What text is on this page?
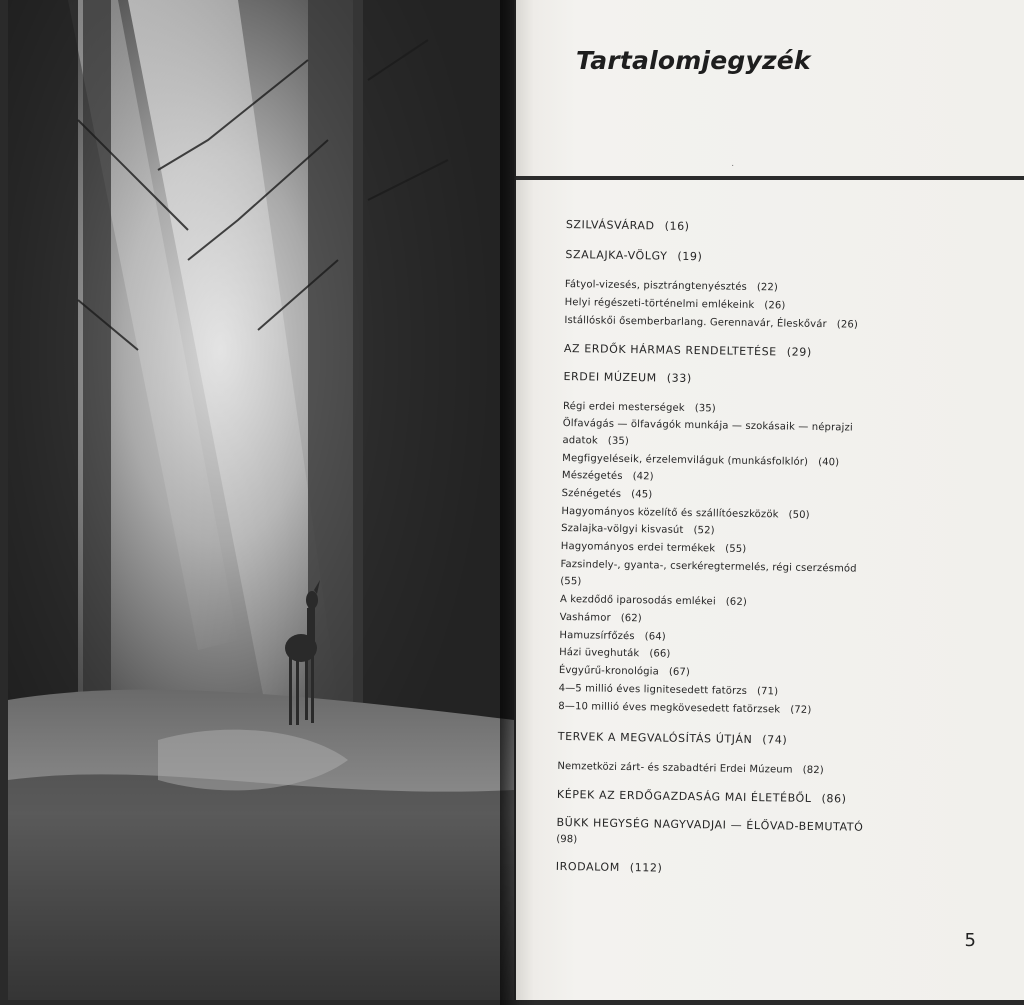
Tartalomjegyzék
·
SZILVÁSVÁRAD (16)
SZALAJKA-VÖLGY (19)
Fátyol-vizesés, pisztrángtenyésztés (22)
Helyi régészeti-történelmi emlékeink (26)
Istállóskői ősemberbarlang. Gerennavár, Éleskővár (26)
AZ ERDŐK HÁRMAS RENDELTETÉSE (29)
ERDEI MÚZEUM (33)
Régi erdei mesterségek (35)
Ölfavágás — ölfavágók munkája — szokásaik — néprajzi
adatok (35)
Megfigyeléseik, érzelemviláguk (munkásfolklór) (40)
Mészégetés (42)
Szénégetés (45)
Hagyományos közelítő és szállítóeszközök (50)
Szalajka-völgyi kisvasút (52)
Hagyományos erdei termékek (55)
Fazsindely-, gyanta-, cserkéregtermelés, régi cserzésmód
(55)
A kezdődő iparosodás emlékei (62)
Vashámor (62)
Hamuzsírfőzés (64)
Házi üveghuták (66)
Évgyűrű-kronológia (67)
4—5 millió éves lignitesedett fatörzs (71)
8—10 millió éves megkövesedett fatörzsek (72)
TERVEK A MEGVALÓSÍTÁS ÚTJÁN (74)
Nemzetközi zárt- és szabadtéri Erdei Múzeum (82)
KÉPEK AZ ERDŐGAZDASÁG MAI ÉLETÉBŐL (86)
BÜKK HEGYSÉG NAGYVADJAI — ÉLŐVAD-BEMUTATÓ
(98)
IRODALOM (112)
5
